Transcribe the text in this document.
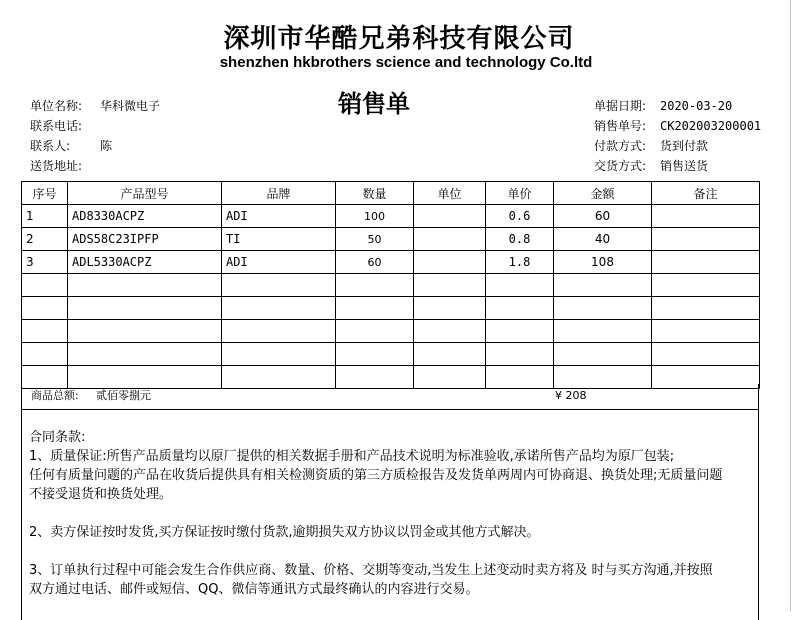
深圳市华酷兄弟科技有限公司
shenzhen hkbrothers science and technology Co.ltd
销售单
单位名称: 华科微电子
联系电话:
联系人: 陈
送货地址:
单据日期: 2020-03-20
销售单号: CK202003200001
付款方式: 货到付款
交货方式: 销售送货
序号	产品型号	品牌	数量	单位	单价	金额	备注
1	AD8330ACPZ	ADI	100		0.6	60	
2	ADS58C23IPFP	TI	50		0.8	40	
3	ADL5330ACPZ	ADI	60		1.8	108	

商品总额: 贰佰零捌元	¥ 208

合同条款:

1、质量保证:所售产品质量均以原厂提供的相关数据手册和产品技术说明为标准验收,承诺所售产品均为原厂包装;

任何有质量问题的产品在收货后提供具有相关检测资质的第三方质检报告及发货单两周内可协商退、换货处理;无质量问题

不接受退货和换货处理。

2、卖方保证按时发货,买方保证按时缴付货款,逾期损失双方协议以罚金或其他方式解决。

3、订单执行过程中可能会发生合作供应商、数量、价格、交期等变动,当发生上述变动时卖方将及 时与买方沟通,并按照

双方通过电话、邮件或短信、QQ、微信等通讯方式最终确认的内容进行交易。
